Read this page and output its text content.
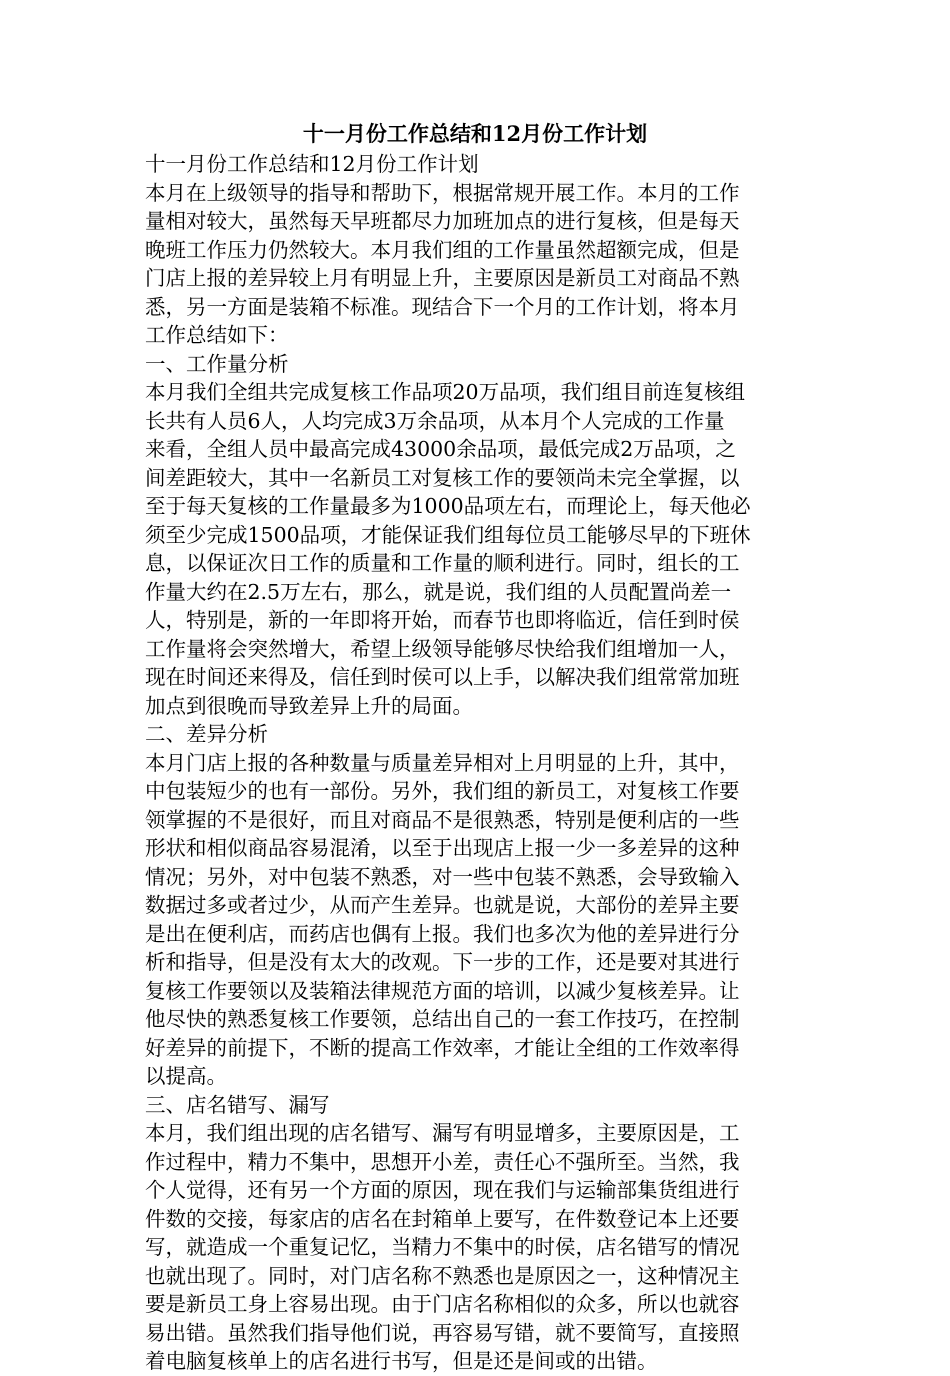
十一月份工作总结和12月份工作计划

十一月份工作总结和12月份工作计划

本月在上级领导的指导和帮助下，根据常规开展工作。本月的工作

量相对较大，虽然每天早班都尽力加班加点的进行复核，但是每天

晚班工作压力仍然较大。本月我们组的工作量虽然超额完成，但是

门店上报的差异较上月有明显上升，主要原因是新员工对商品不熟

悉，另一方面是装箱不标准。现结合下一个月的工作计划，将本月

工作总结如下：

一、工作量分析

本月我们全组共完成复核工作品项20万品项，我们组目前连复核组

长共有人员6人，人均完成3万余品项，从本月个人完成的工作量

来看，全组人员中最高完成43000余品项，最低完成2万品项，之

间差距较大，其中一名新员工对复核工作的要领尚未完全掌握，以

至于每天复核的工作量最多为1000品项左右，而理论上，每天他必

须至少完成1500品项，才能保证我们组每位员工能够尽早的下班休

息，以保证次日工作的质量和工作量的顺利进行。同时，组长的工

作量大约在2.5万左右，那么，就是说，我们组的人员配置尚差一

人，特别是，新的一年即将开始，而春节也即将临近，信任到时侯

工作量将会突然增大，希望上级领导能够尽快给我们组增加一人，

现在时间还来得及，信任到时侯可以上手，以解决我们组常常加班

加点到很晚而导致差异上升的局面。

二、差异分析

本月门店上报的各种数量与质量差异相对上月明显的上升，其中，

中包装短少的也有一部份。另外，我们组的新员工，对复核工作要

领掌握的不是很好，而且对商品不是很熟悉，特别是便利店的一些

形状和相似商品容易混淆，以至于出现店上报一少一多差异的这种

情况；另外，对中包装不熟悉，对一些中包装不熟悉，会导致输入

数据过多或者过少，从而产生差异。也就是说，大部份的差异主要

是出在便利店，而药店也偶有上报。我们也多次为他的差异进行分

析和指导，但是没有太大的改观。下一步的工作，还是要对其进行

复核工作要领以及装箱法律规范方面的培训，以减少复核差异。让

他尽快的熟悉复核工作要领，总结出自己的一套工作技巧，在控制

好差异的前提下，不断的提高工作效率，才能让全组的工作效率得

以提高。

三、店名错写、漏写

本月，我们组出现的店名错写、漏写有明显增多，主要原因是，工

作过程中，精力不集中，思想开小差，责任心不强所至。当然，我

个人觉得，还有另一个方面的原因，现在我们与运输部集货组进行

件数的交接，每家店的店名在封箱单上要写，在件数登记本上还要

写，就造成一个重复记忆，当精力不集中的时侯，店名错写的情况

也就出现了。同时，对门店名称不熟悉也是原因之一，这种情况主

要是新员工身上容易出现。由于门店名称相似的众多，所以也就容

易出错。虽然我们指导他们说，再容易写错，就不要简写，直接照

着电脑复核单上的店名进行书写，但是还是间或的出错。
